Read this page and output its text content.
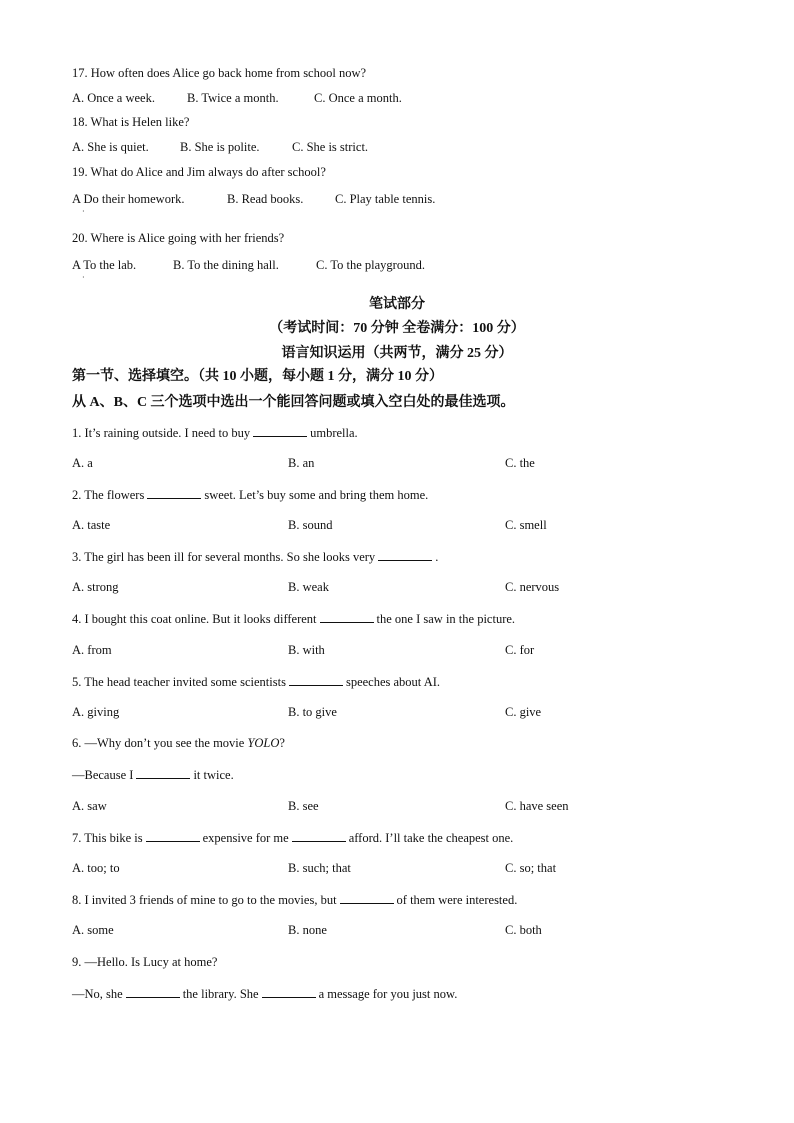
17. How often does Alice go back home from school now?
A. Once a week.	B. Twice a month.	C. Once a month.
18. What is Helen like?
A. She is quiet.	B. She is polite.	C. She is strict.
19. What do Alice and Jim always do after school?
A Do their homework.
·
B. Read books.	C. Play table tennis.
20. Where is Alice going with her friends?
A To the lab.
·
B. To the dining hall.	C. To the playground.
笔试部分
（考试时间：70 分钟 全卷满分：100 分）
语言知识运用（共两节，满分 25 分）
第一节、选择填空。（共 10 小题，每小题 1 分，满分 10 分）
从 A、B、C 三个选项中选出一个能回答问题或填入空白处的最佳选项。
1. It’s raining outside. I need to buy	umbrella.
A. a	B. an	C. the
2. The flowers	sweet. Let’s buy some and bring them home.
A. taste	B. sound	C. smell
3. The girl has been ill for several months. So she looks very	.
A. strong	B. weak	C. nervous
4. I bought this coat online. But it looks different	the one I saw in the picture.
A. from	B. with	C. for
5. The head teacher invited some scientists	speeches about AI.
A. giving	B. to give	C. give
6. —Why don’t you see the movie YOLO?
—Because I	it twice.
A. saw	B. see	C. have seen
7. This bike is	expensive for me	afford. I’ll take the cheapest one.
A. too; to	B. such; that	C. so; that
8. I invited 3 friends of mine to go to the movies, but	of them were interested.
A. some	B. none	C. both
9. —Hello. Is Lucy at home?
—No, she	the library. She	a message for you just now.
